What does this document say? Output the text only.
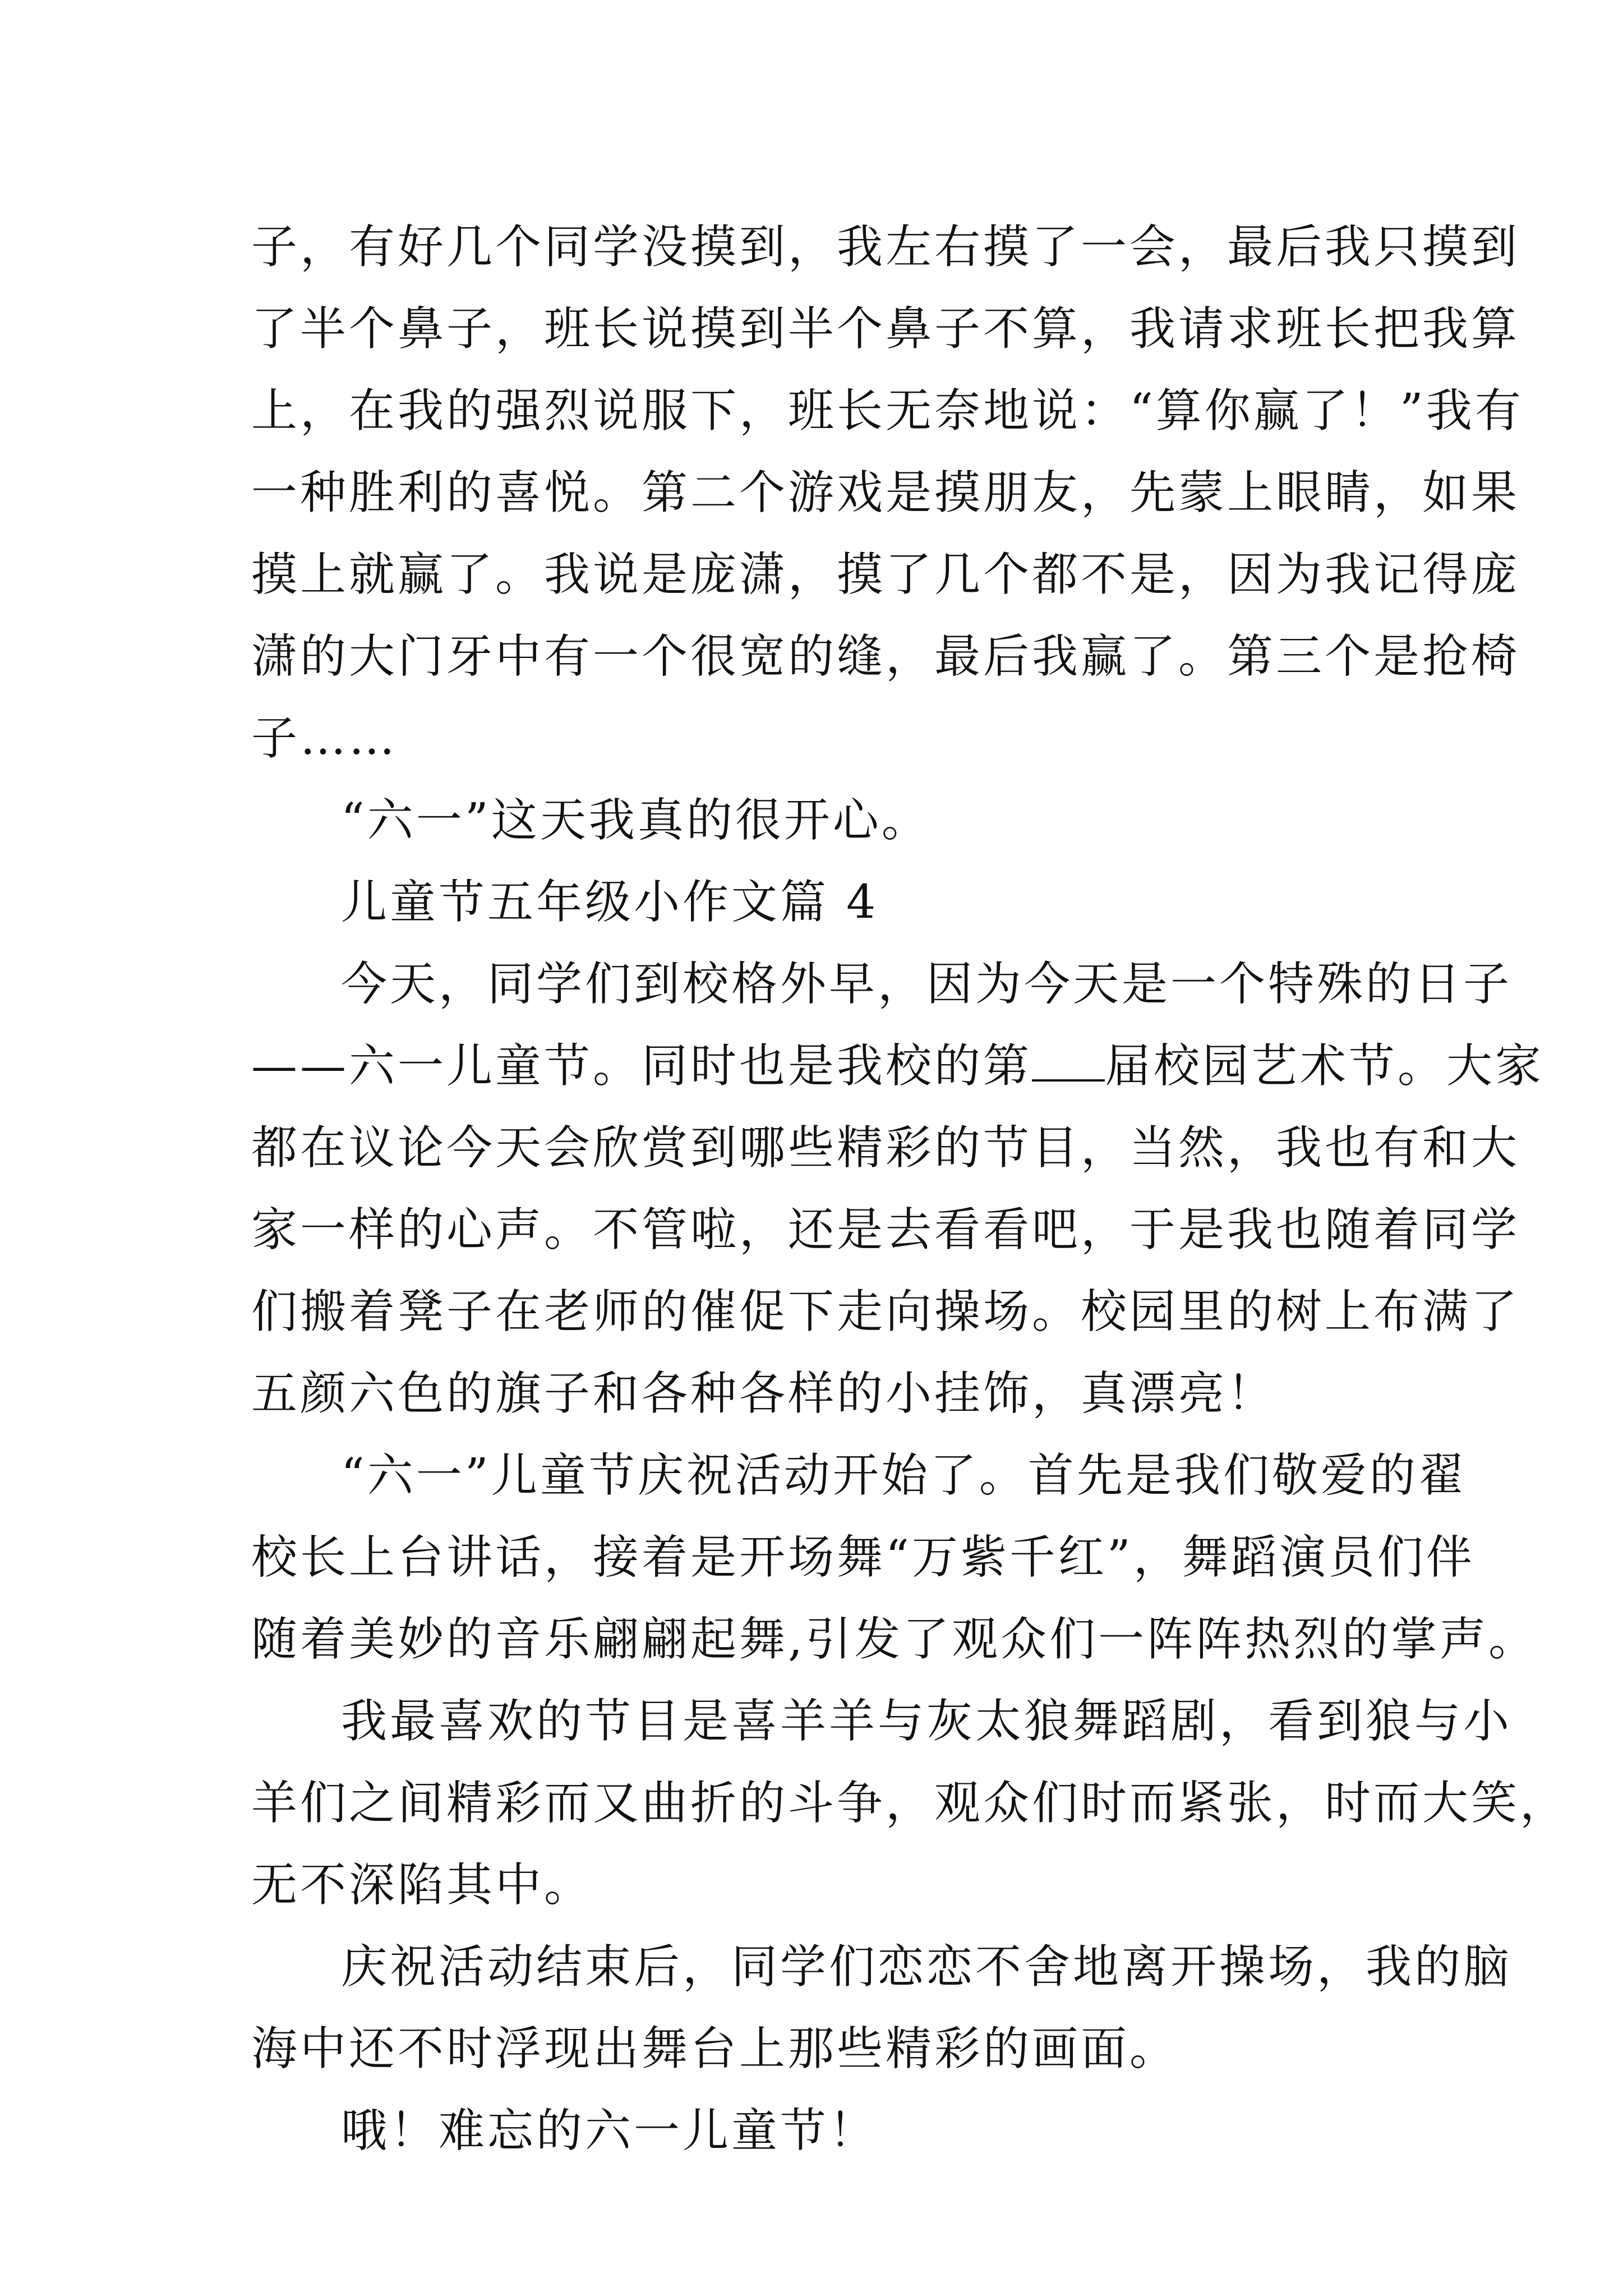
子，有好几个同学没摸到，我左右摸了一会，最后我只摸到
了半个鼻子，班长说摸到半个鼻子不算，我请求班长把我算
上，在我的强烈说服下，班长无奈地说：“算你赢了！”我有
一种胜利的喜悦。第二个游戏是摸朋友，先蒙上眼睛，如果
摸上就赢了。我说是庞潇，摸了几个都不是，因为我记得庞
潇的大门牙中有一个很宽的缝，最后我赢了。第三个是抢椅
子……
“六一”这天我真的很开心。
儿童节五年级小作文篇 4
今天，同学们到校格外早，因为今天是一个特殊的日子
——六一儿童节。同时也是我校的第 届校园艺术节。大家
都在议论今天会欣赏到哪些精彩的节目，当然，我也有和大
家一样的心声。不管啦，还是去看看吧，于是我也随着同学
们搬着凳子在老师的催促下走向操场。校园里的树上布满了
五颜六色的旗子和各种各样的小挂饰，真漂亮！
“六一”儿童节庆祝活动开始了。首先是我们敬爱的翟
校长上台讲话，接着是开场舞“万紫千红”，舞蹈演员们伴
随着美妙的音乐翩翩起舞,引发了观众们一阵阵热烈的掌声。
我最喜欢的节目是喜羊羊与灰太狼舞蹈剧，看到狼与小
羊们之间精彩而又曲折的斗争，观众们时而紧张，时而大笑，
无不深陷其中。
庆祝活动结束后，同学们恋恋不舍地离开操场，我的脑
海中还不时浮现出舞台上那些精彩的画面。
哦！难忘的六一儿童节！
